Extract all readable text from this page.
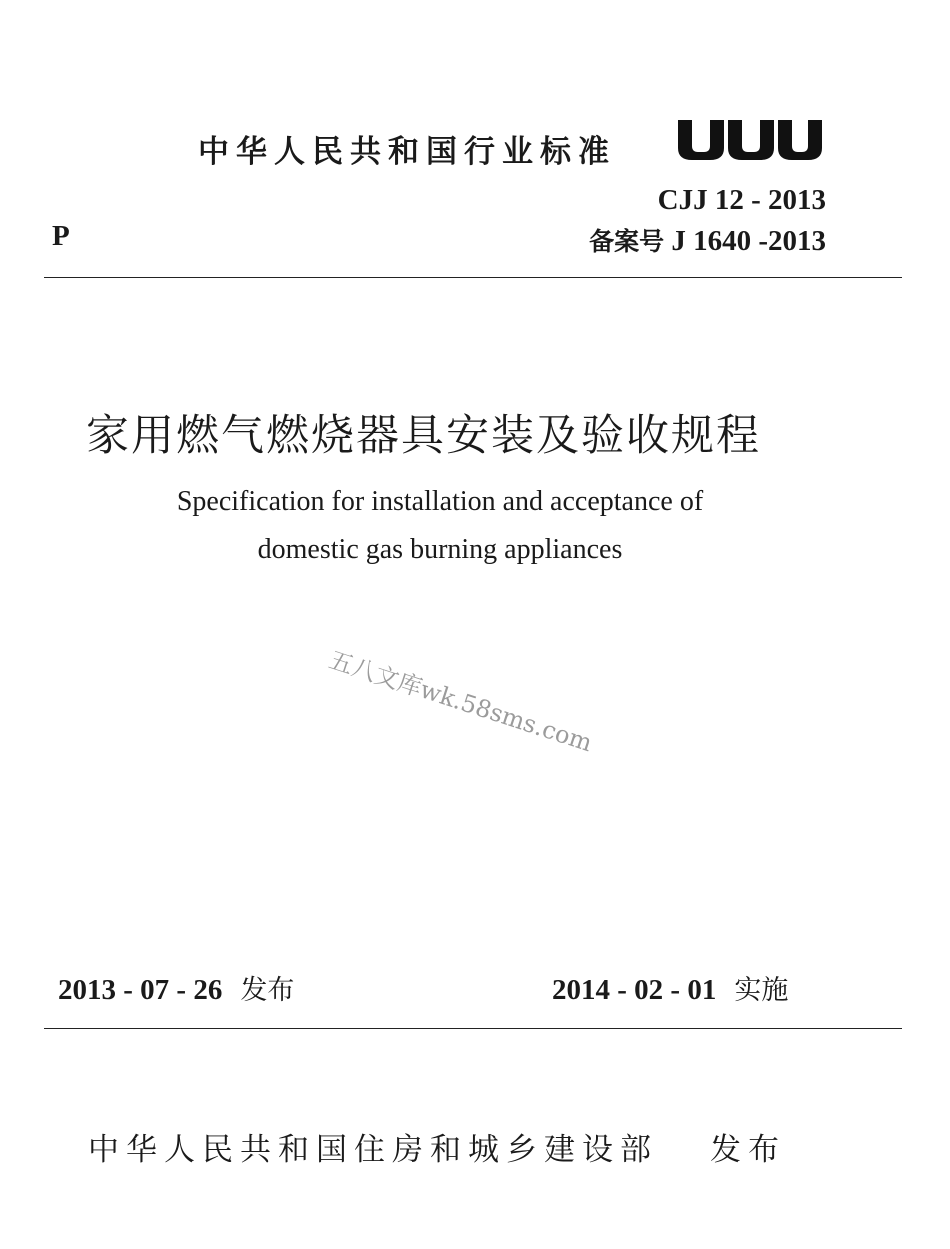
中华人民共和国行业标准
CJJ 12 - 2013
备案号 J 1640 -2013
P
家用燃气燃烧器具安装及验收规程
Specification for installation and acceptance of
domestic gas burning appliances
五八文库wk.58sms.com
2013 - 07 - 26 发布	2014 - 02 - 01 实施
中华人民共和国住房和城乡建设部 发布
